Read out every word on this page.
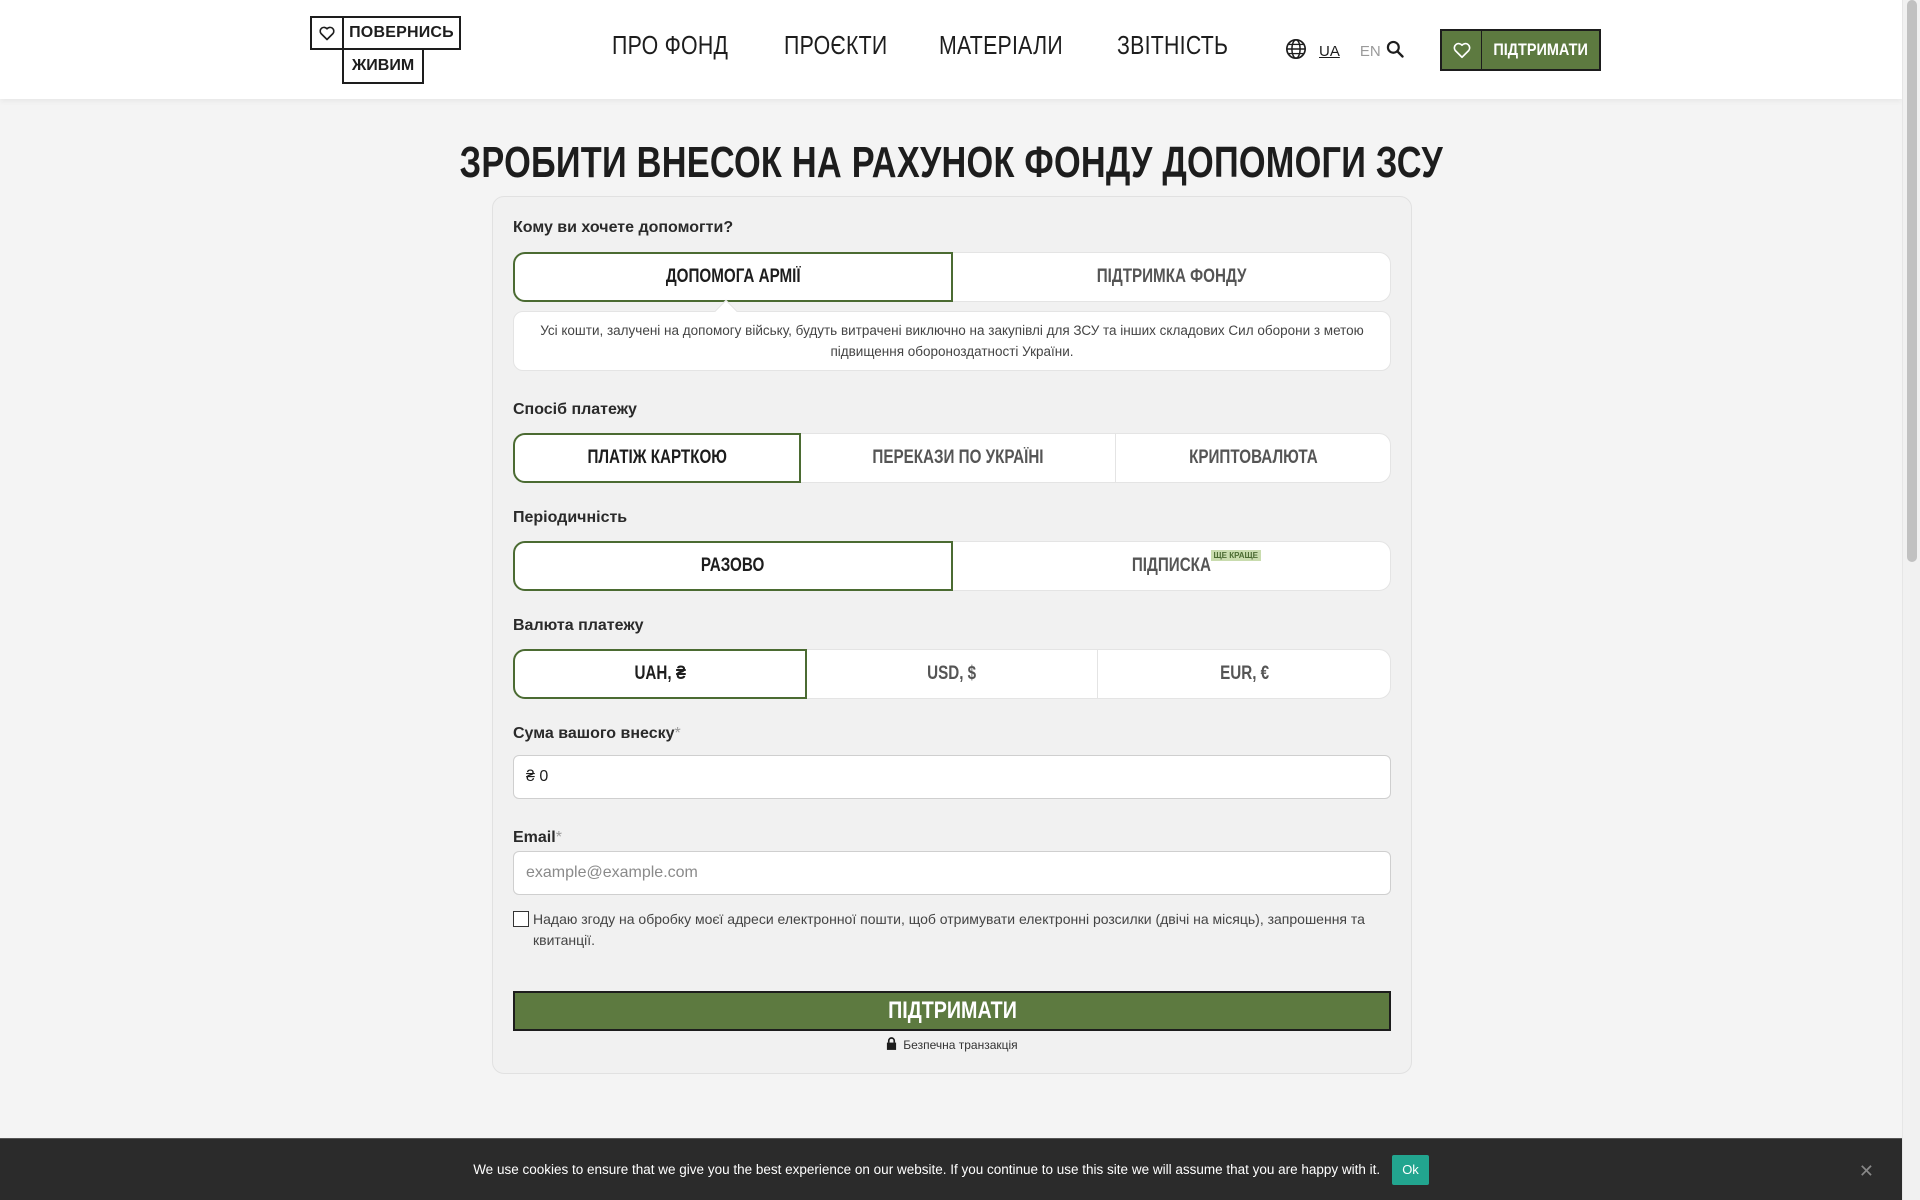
ПОВЕРНИСЬ
ЖИВИМ
ПРО ФОНД ПРОЄКТИ МАТЕРІАЛИ ЗВІТНІСТЬ	UA EN	ПІДТРИМАТИ
ЗРОБИТИ ВНЕСОК НА РАХУНОК ФОНДУ ДОПОМОГИ ЗСУ
Кому ви хочете допомогти?
ДОПОМОГА АРМІЇ	ПІДТРИМКА ФОНДУ
Усі кошти, залучені на допомогу війську, будуть витрачені виключно на закупівлі для ЗСУ та інших складових Сил оборони з метою підвищення обороноздатності України.
Спосіб платежу
ПЛАТІЖ КАРТКОЮ	ПЕРЕКАЗИ ПО УКРАЇНІ	КРИПТОВАЛЮТА
Періодичність
РАЗОВО	ПІДПИСКА ЩЕ КРАЩЕ
Валюта платежу
UAH, ₴	USD, $	EUR, €
Сума вашого внеску*
₴ 0
Email*
example@example.com
Надаю згоду на обробку моєї адреси електронної пошти, щоб отримувати електронні розсилки (двічі на місяць), запрошення та квитанції.
ПІДТРИМАТИ
Безпечна транзакція
We use cookies to ensure that we give you the best experience on our website. If you continue to use this site we will assume that you are happy with it.	Ok	✕
